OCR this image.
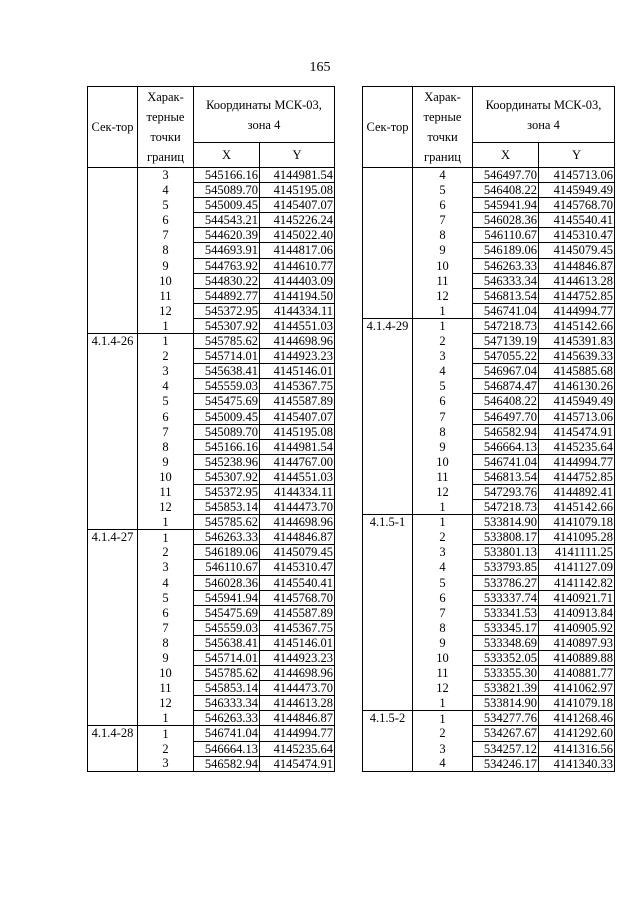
165
Сек-тор	Харак-терные точки границ	Координаты МСК-03, зона 4	
		X	Y
	3	545166.16	4144981.54
	4	545089.70	4145195.08
	5	545009.45	4145407.07
	6	544543.21	4145226.24
	7	544620.39	4145022.40
	8	544693.91	4144817.06
	9	544763.92	4144610.77
	10	544830.22	4144403.09
	11	544892.77	4144194.50
	12	545372.95	4144334.11
	1	545307.92	4144551.03
4.1.4-26	1	545785.62	4144698.96
	2	545714.01	4144923.23
	3	545638.41	4145146.01
	4	545559.03	4145367.75
	5	545475.69	4145587.89
	6	545009.45	4145407.07
	7	545089.70	4145195.08
	8	545166.16	4144981.54
	9	545238.96	4144767.00
	10	545307.92	4144551.03
	11	545372.95	4144334.11
	12	545853.14	4144473.70
	1	545785.62	4144698.96
4.1.4-27	1	546263.33	4144846.87
	2	546189.06	4145079.45
	3	546110.67	4145310.47
	4	546028.36	4145540.41
	5	545941.94	4145768.70
	6	545475.69	4145587.89
	7	545559.03	4145367.75
	8	545638.41	4145146.01
	9	545714.01	4144923.23
	10	545785.62	4144698.96
	11	545853.14	4144473.70
	12	546333.34	4144613.28
	1	546263.33	4144846.87
4.1.4-28	1	546741.04	4144994.77
	2	546664.13	4145235.64
	3	546582.94	4145474.91
Сек-тор	Харак-терные точки границ	Координаты МСК-03, зона 4	
		X	Y
	4	546497.70	4145713.06
	5	546408.22	4145949.49
	6	545941.94	4145768.70
	7	546028.36	4145540.41
	8	546110.67	4145310.47
	9	546189.06	4145079.45
	10	546263.33	4144846.87
	11	546333.34	4144613.28
	12	546813.54	4144752.85
	1	546741.04	4144994.77
4.1.4-29	1	547218.73	4145142.66
	2	547139.19	4145391.83
	3	547055.22	4145639.33
	4	546967.04	4145885.68
	5	546874.47	4146130.26
	6	546408.22	4145949.49
	7	546497.70	4145713.06
	8	546582.94	4145474.91
	9	546664.13	4145235.64
	10	546741.04	4144994.77
	11	546813.54	4144752.85
	12	547293.76	4144892.41
	1	547218.73	4145142.66
4.1.5-1	1	533814.90	4141079.18
	2	533808.17	4141095.28
	3	533801.13	4141111.25
	4	533793.85	4141127.09
	5	533786.27	4141142.82
	6	533337.74	4140921.71
	7	533341.53	4140913.84
	8	533345.17	4140905.92
	9	533348.69	4140897.93
	10	533352.05	4140889.88
	11	533355.30	4140881.77
	12	533821.39	4141062.97
	1	533814.90	4141079.18
4.1.5-2	1	534277.76	4141268.46
	2	534267.67	4141292.60
	3	534257.12	4141316.56
	4	534246.17	4141340.33
